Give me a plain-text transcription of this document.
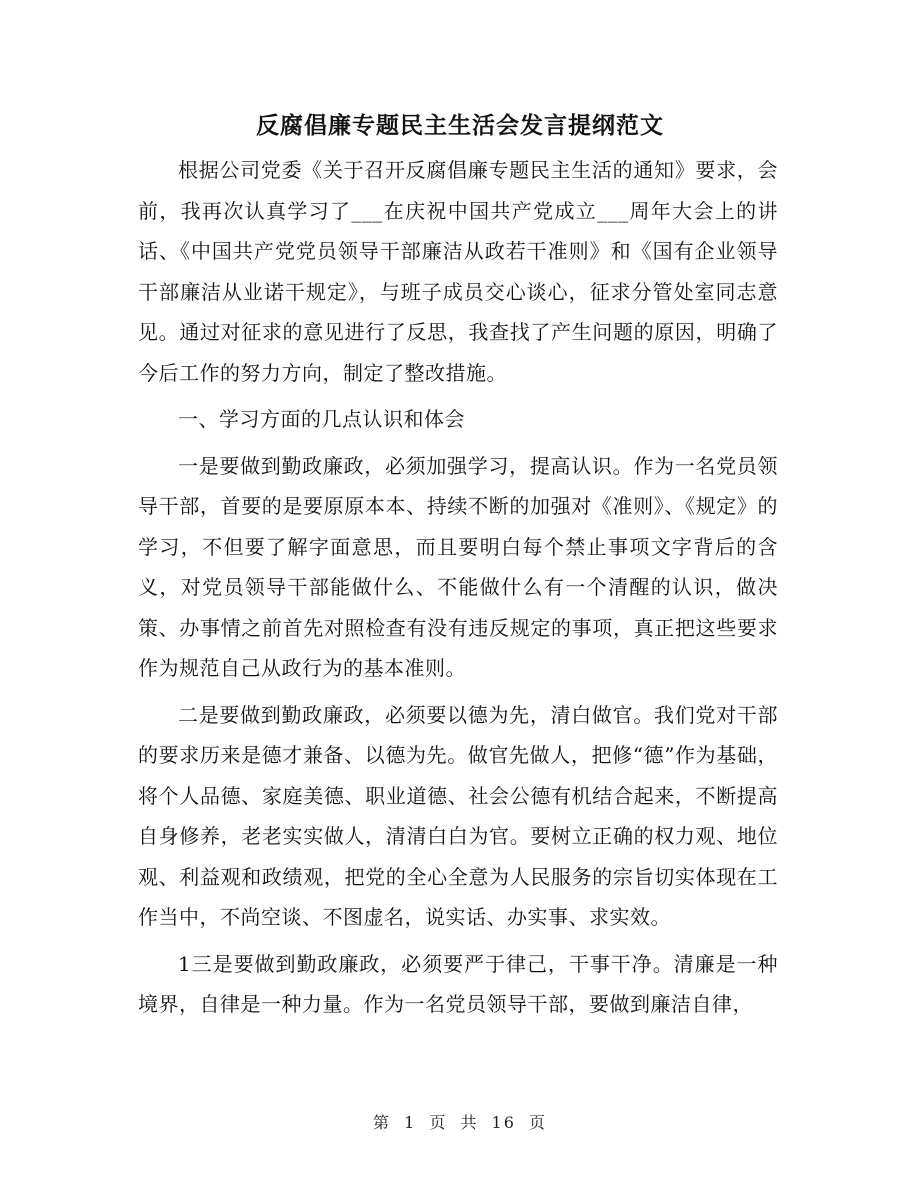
反腐倡廉专题民主生活会发言提纲范文

根据公司党委《关于召开反腐倡廉专题民主生活的通知》要求，会前，我再次认真学习了___在庆祝中国共产党成立___周年大会上的讲话、《中国共产党党员领导干部廉洁从政若干准则》和《国有企业领导干部廉洁从业诺干规定》，与班子成员交心谈心，征求分管处室同志意见。通过对征求的意见进行了反思，我查找了产生问题的原因，明确了今后工作的努力方向，制定了整改措施。

一、学习方面的几点认识和体会

一是要做到勤政廉政，必须加强学习，提高认识。作为一名党员领导干部，首要的是要原原本本、持续不断的加强对《准则》、《规定》的学习，不但要了解字面意思，而且要明白每个禁止事项文字背后的含义，对党员领导干部能做什么、不能做什么有一个清醒的认识，做决策、办事情之前首先对照检查有没有违反规定的事项，真正把这些要求作为规范自己从政行为的基本准则。

二是要做到勤政廉政，必须要以德为先，清白做官。我们党对干部的要求历来是德才兼备、以德为先。做官先做人，把修“德”作为基础，将个人品德、家庭美德、职业道德、社会公德有机结合起来，不断提高自身修养，老老实实做人，清清白白为官。要树立正确的权力观、地位观、利益观和政绩观，把党的全心全意为人民服务的宗旨切实体现在工作当中，不尚空谈、不图虚名，说实话、办实事、求实效。

1三是要做到勤政廉政，必须要严于律己，干事干净。清廉是一种境界，自律是一种力量。作为一名党员领导干部，要做到廉洁自律，

第 1 页 共 16 页
